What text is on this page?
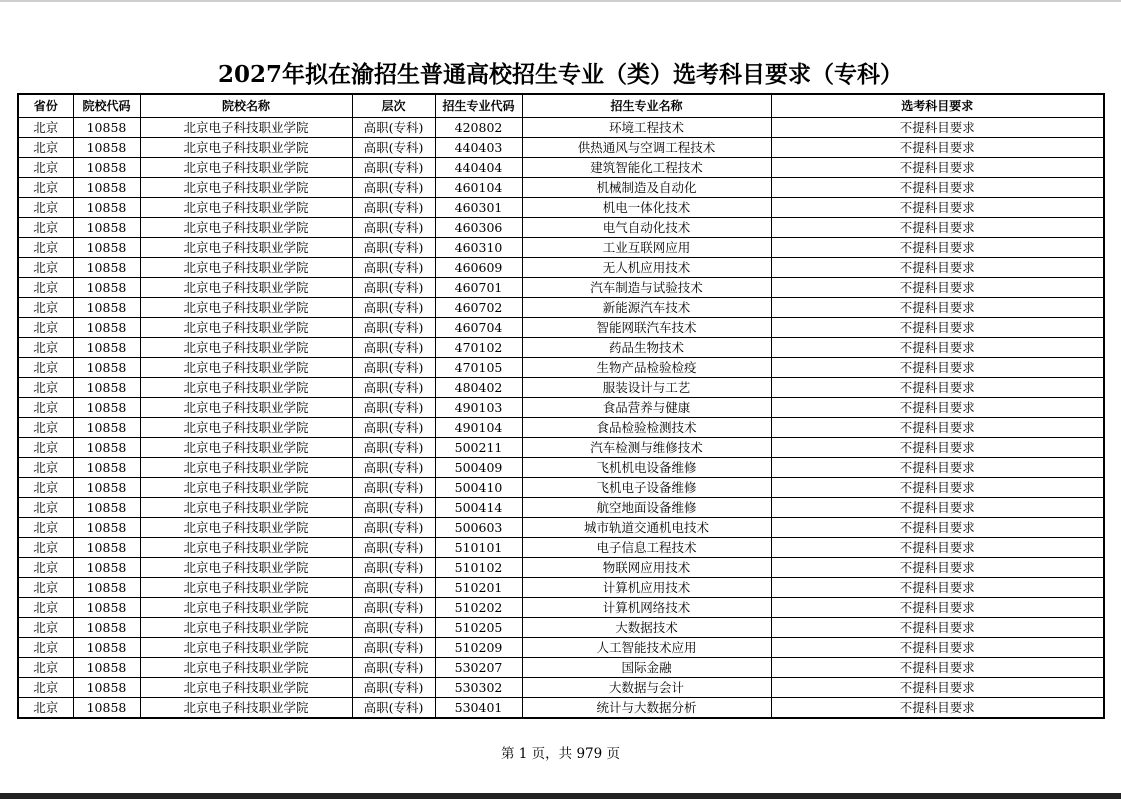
2027年拟在渝招生普通高校招生专业（类）选考科目要求（专科）
省份	院校代码	院校名称	层次	招生专业代码	招生专业名称	选考科目要求
北京	10858	北京电子科技职业学院	高职(专科)	420802	环境工程技术	不提科目要求
北京	10858	北京电子科技职业学院	高职(专科)	440403	供热通风与空调工程技术	不提科目要求
北京	10858	北京电子科技职业学院	高职(专科)	440404	建筑智能化工程技术	不提科目要求
北京	10858	北京电子科技职业学院	高职(专科)	460104	机械制造及自动化	不提科目要求
北京	10858	北京电子科技职业学院	高职(专科)	460301	机电一体化技术	不提科目要求
北京	10858	北京电子科技职业学院	高职(专科)	460306	电气自动化技术	不提科目要求
北京	10858	北京电子科技职业学院	高职(专科)	460310	工业互联网应用	不提科目要求
北京	10858	北京电子科技职业学院	高职(专科)	460609	无人机应用技术	不提科目要求
北京	10858	北京电子科技职业学院	高职(专科)	460701	汽车制造与试验技术	不提科目要求
北京	10858	北京电子科技职业学院	高职(专科)	460702	新能源汽车技术	不提科目要求
北京	10858	北京电子科技职业学院	高职(专科)	460704	智能网联汽车技术	不提科目要求
北京	10858	北京电子科技职业学院	高职(专科)	470102	药品生物技术	不提科目要求
北京	10858	北京电子科技职业学院	高职(专科)	470105	生物产品检验检疫	不提科目要求
北京	10858	北京电子科技职业学院	高职(专科)	480402	服装设计与工艺	不提科目要求
北京	10858	北京电子科技职业学院	高职(专科)	490103	食品营养与健康	不提科目要求
北京	10858	北京电子科技职业学院	高职(专科)	490104	食品检验检测技术	不提科目要求
北京	10858	北京电子科技职业学院	高职(专科)	500211	汽车检测与维修技术	不提科目要求
北京	10858	北京电子科技职业学院	高职(专科)	500409	飞机机电设备维修	不提科目要求
北京	10858	北京电子科技职业学院	高职(专科)	500410	飞机电子设备维修	不提科目要求
北京	10858	北京电子科技职业学院	高职(专科)	500414	航空地面设备维修	不提科目要求
北京	10858	北京电子科技职业学院	高职(专科)	500603	城市轨道交通机电技术	不提科目要求
北京	10858	北京电子科技职业学院	高职(专科)	510101	电子信息工程技术	不提科目要求
北京	10858	北京电子科技职业学院	高职(专科)	510102	物联网应用技术	不提科目要求
北京	10858	北京电子科技职业学院	高职(专科)	510201	计算机应用技术	不提科目要求
北京	10858	北京电子科技职业学院	高职(专科)	510202	计算机网络技术	不提科目要求
北京	10858	北京电子科技职业学院	高职(专科)	510205	大数据技术	不提科目要求
北京	10858	北京电子科技职业学院	高职(专科)	510209	人工智能技术应用	不提科目要求
北京	10858	北京电子科技职业学院	高职(专科)	530207	国际金融	不提科目要求
北京	10858	北京电子科技职业学院	高职(专科)	530302	大数据与会计	不提科目要求
北京	10858	北京电子科技职业学院	高职(专科)	530401	统计与大数据分析	不提科目要求
第 1 页，共 979 页
